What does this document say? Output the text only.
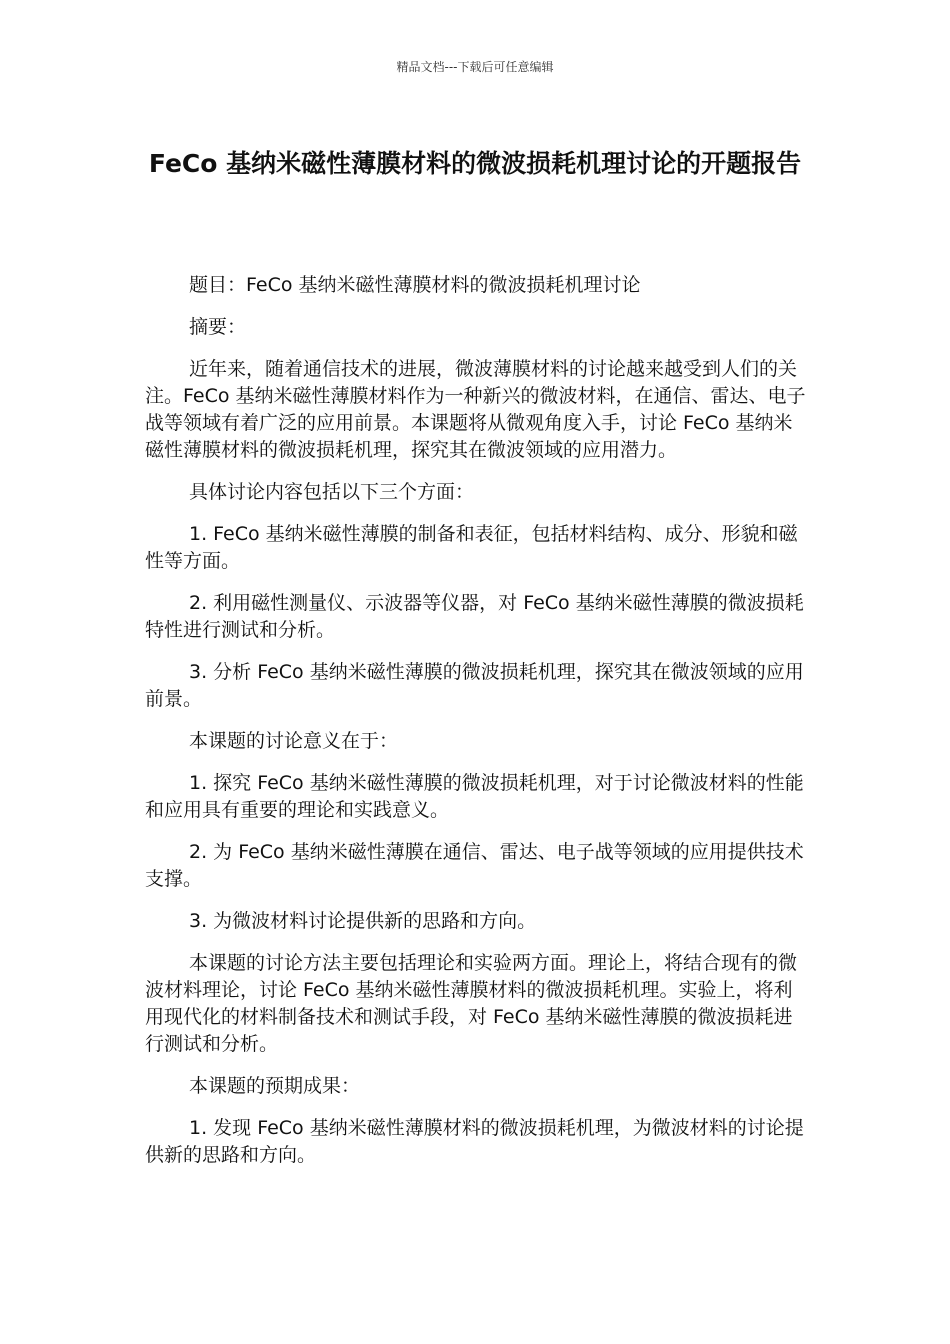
精品文档---下载后可任意编辑
FeCo 基纳米磁性薄膜材料的微波损耗机理讨论的开题报告

题目：FeCo 基纳米磁性薄膜材料的微波损耗机理讨论

摘要：

近年来，随着通信技术的进展，微波薄膜材料的讨论越来越受到人们的关注。FeCo 基纳米磁性薄膜材料作为一种新兴的微波材料，在通信、雷达、电子战等领域有着广泛的应用前景。本课题将从微观角度入手，讨论 FeCo 基纳米磁性薄膜材料的微波损耗机理，探究其在微波领域的应用潜力。

具体讨论内容包括以下三个方面：

1. FeCo 基纳米磁性薄膜的制备和表征，包括材料结构、成分、形貌和磁性等方面。

2. 利用磁性测量仪、示波器等仪器，对 FeCo 基纳米磁性薄膜的微波损耗特性进行测试和分析。

3. 分析 FeCo 基纳米磁性薄膜的微波损耗机理，探究其在微波领域的应用前景。

本课题的讨论意义在于：

1. 探究 FeCo 基纳米磁性薄膜的微波损耗机理，对于讨论微波材料的性能和应用具有重要的理论和实践意义。

2. 为 FeCo 基纳米磁性薄膜在通信、雷达、电子战等领域的应用提供技术支撑。

3. 为微波材料讨论提供新的思路和方向。

本课题的讨论方法主要包括理论和实验两方面。理论上，将结合现有的微波材料理论，讨论 FeCo 基纳米磁性薄膜材料的微波损耗机理。实验上，将利用现代化的材料制备技术和测试手段，对 FeCo 基纳米磁性薄膜的微波损耗进行测试和分析。

本课题的预期成果：

1. 发现 FeCo 基纳米磁性薄膜材料的微波损耗机理，为微波材料的讨论提供新的思路和方向。
